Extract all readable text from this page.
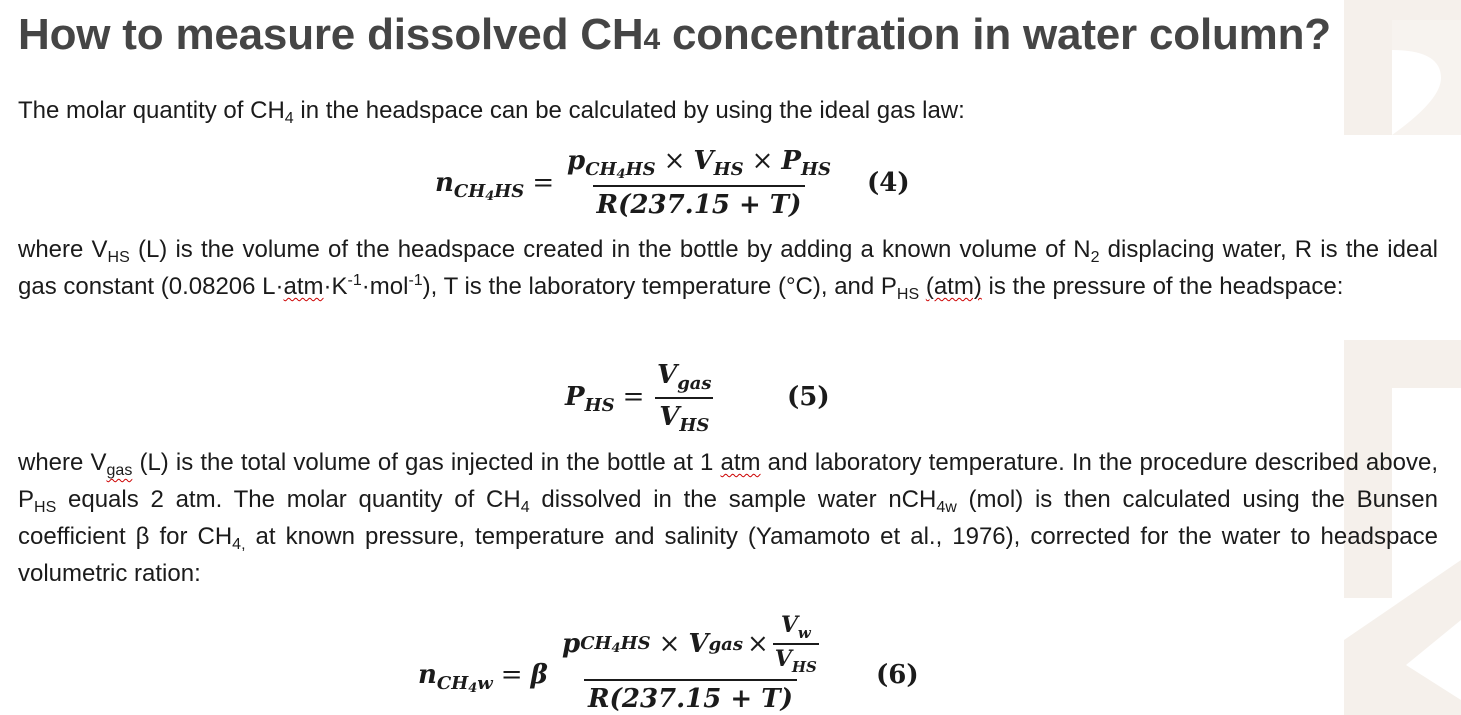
How to measure dissolved CH4 concentration in water column?
The molar quantity of $CH_4$ in the headspace can be calculated by using the ideal gas law:
$n_{CH4HS}$ =
$p_{CH4HS} \times V_{HS} \times P_{HS}$
R(237.15 + T)
(4)
where $V_{HS}$ (L) is the volume of the headspace created in the bottle by adding a known volume of $N_2$ displacing water, R is the ideal gas constant (0.08206 $L\cdot atm\cdot K^{-1}\cdot mol^{-1}$), T is the laboratory temperature (°C), and $P_{HS}$ (atm) is the pressure of the headspace:
$P_{HS}$ =
$V_{gas}$
$V_{HS}$
(5)
where $V_{gas}$ (L) is the total volume of gas injected in the bottle at 1 atm and laboratory temperature. In the procedure described above, $P_{HS}$ equals 2 atm. The molar quantity of $CH_4$ dissolved in the sample water nCH$_{4w}$ (mol) is then calculated using the Bunsen coefficient β for $CH_{4,}$ at known pressure, temperature and salinity (Yamamoto et al., 1976), corrected for the water to headspace volumetric ration:
$n_{CH4w} = \beta$
p CH4HS × V gas × $\frac{V_w}{V_{HS}}$
R(237.15 + T)
(6)
